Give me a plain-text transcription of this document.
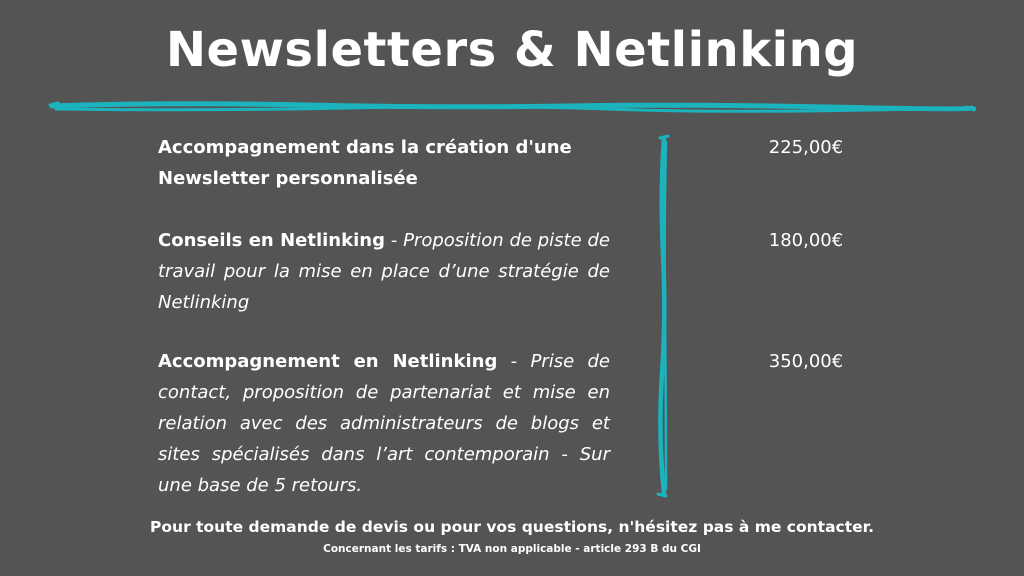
Newsletters & Netlinking

Accompagnement dans la création d'une Newsletter personnalisée

225,00€

Conseils en Netlinking - Proposition de piste de travail pour la mise en place d’une stratégie de Netlinking

180,00€

Accompagnement en Netlinking - Prise de contact, proposition de partenariat et mise en relation avec des administrateurs de blogs et sites spécialisés dans l’art contemporain - Sur une base de 5 retours.

350,00€

Pour toute demande de devis ou pour vos questions, n'hésitez pas à me contacter.

Concernant les tarifs : TVA non applicable - article 293 B du CGI
